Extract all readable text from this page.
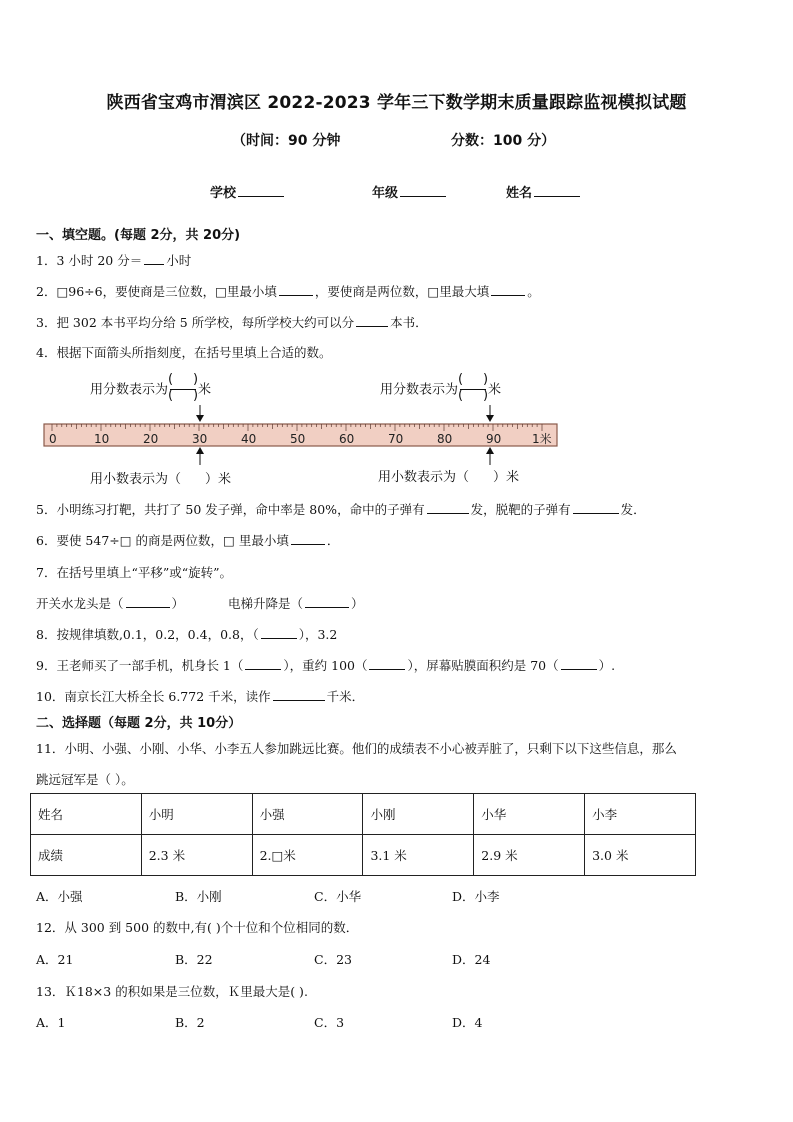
陕西省宝鸡市渭滨区 2022-2023 学年三下数学期末质量跟踪监视模拟试题
（时间：90 分钟	分数：100 分）
学校	年级	姓名
一、填空题。(每题 2分，共 20分)
1．3 小时 20 分＝ 小时
2．□96÷6，要使商是三位数，□里最小填	，要使商是两位数，□里最大填	。
3．把 302 本书平均分给 5 所学校，每所学校大约可以分	本书．
4．根据下面箭头所指刻度，在括号里填上合适的数。
用分数表示为
( )
( ) 米	用分数表示为
( )
( ) 米
0	10	20	30	40	50	60	70	80	90	1米
用小数表示为（ ）米	用小数表示为（ ）米
5．小明练习打靶，共打了 50 发子弹，命中率是 80%，命中的子弹有	发，脱靶的子弹有	发．
6．要使 547÷□ 的商是两位数，□ 里最小填	．
7．在括号里填上“平移”或“旋转”。
开关水龙头是（	）	电梯升降是（	）
8．按规律填数,0.1，0.2，0.4，0.8，（	），3.2
9．王老师买了一部手机，机身长 1（	），重约 100（	），屏幕贴膜面积约是 70（	）.
10．南京长江大桥全长 6.772 千米，读作	千米．
二、选择题（每题 2分，共 10分）
11．小明、小强、小刚、小华、小李五人参加跳远比赛。他们的成绩表不小心被弄脏了，只剩下以下这些信息，那么
跳远冠军是（ ）。
姓名	小明	小强	小刚	小华	小李
成绩	2.3 米	2.□米	3.1 米	2.9 米	3.0 米
A．小强	B．小刚	C．小华	D．小李
12．从 300 到 500 的数中,有( )个十位和个位相同的数．
A．21	B．22	C．23	D．24
13．Ｋ18×3 的积如果是三位数，Ｋ里最大是( ).
A．1	B．2	C．3	D．4
